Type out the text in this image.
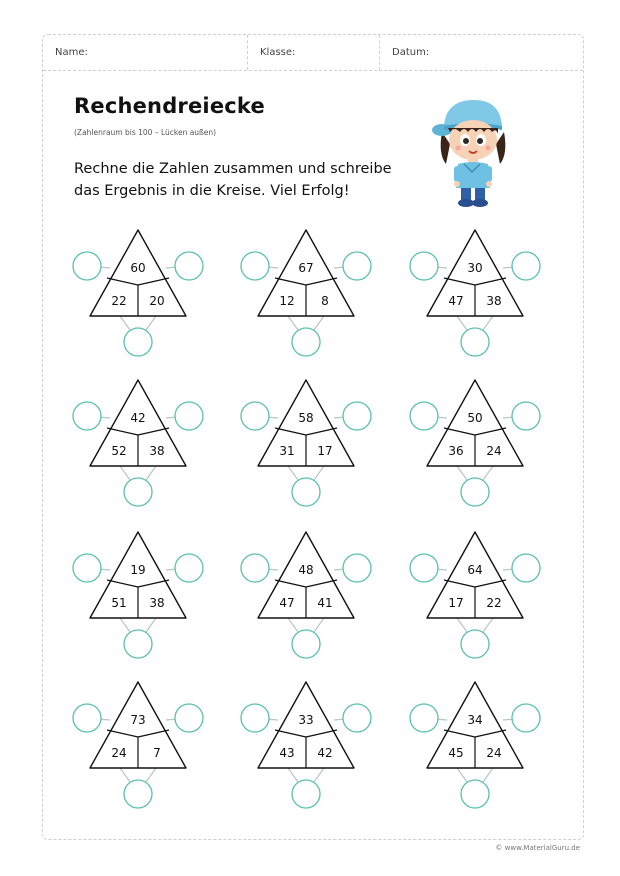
Name:	Klasse:	Datum:
Rechendreiecke
(Zahlenraum bis 100 – Lücken außen)
Rechne die Zahlen zusammen und schreibe
das Ergebnis in die Kreise. Viel Erfolg!
60
22 20
67
12 8
30
47 38
42
52 38
58
31 17
50
36 24
19
51 38
48
47 41
64
17 22
73
24 7
33
43 42
34
45 24
© www.MaterialGuru.de
